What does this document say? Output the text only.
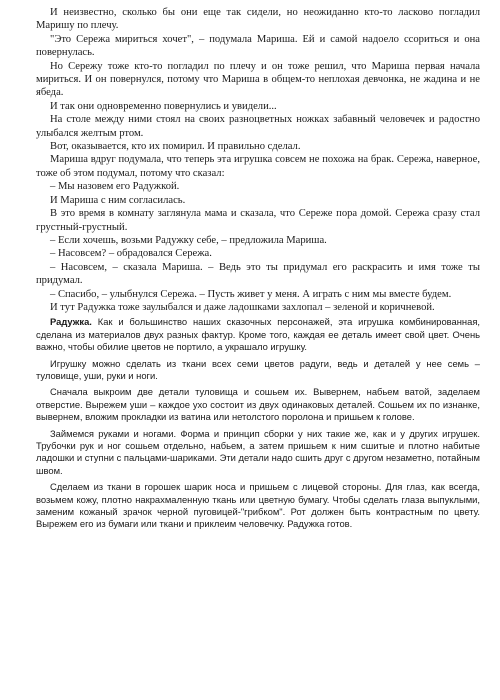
И неизвестно, сколько бы они еще так сидели, но неожиданно кто-то ласково погладил Маришу по плечу.

"Это Сережа мириться хочет", – подумала Мариша. Ей и самой надоело ссориться и она повернулась.

Но Сережу тоже кто-то погладил по плечу и он тоже решил, что Мариша первая начала мириться. И он повернулся, потому что Мариша в общем-то неплохая девчонка, не жадина и не ябеда.

И так они одновременно повернулись и увидели...

На столе между ними стоял на своих разноцветных ножках забавный человечек и радостно улыбался желтым ртом.

Вот, оказывается, кто их помирил. И правильно сделал.

Мариша вдруг подумала, что теперь эта игрушка совсем не похожа на брак. Сережа, наверное, тоже об этом подумал, потому что сказал:

– Мы назовем его Радужкой.

И Мариша с ним согласилась.

В это время в комнату заглянула мама и сказала, что Сереже пора домой. Сережа сразу стал грустный-грустный.

– Если хочешь, возьми Радужку себе, – предложила Мариша.

– Насовсем? – обрадовался Сережа.

– Насовсем, – сказала Мариша. – Ведь это ты придумал его раскрасить и имя тоже ты придумал.

– Спасибо, – улыбнулся Сережа. – Пусть живет у меня. А играть с ним мы вместе будем.

И тут Радужка тоже заулыбался и даже ладошками захлопал – зеленой и коричневой.

Радужка. Как и большинство наших сказочных персонажей, эта игрушка комбинированная, сделана из материалов двух разных фактур. Кроме того, каждая ее деталь имеет свой цвет. Очень важно, чтобы обилие цветов не портило, а украшало игрушку.

Игрушку можно сделать из ткани всех семи цветов радуги, ведь и деталей у нее семь – туловище, уши, руки и ноги.

Сначала выкроим две детали туловища и сошьем их. Вывернем, набьем ватой, заделаем отверстие. Вырежем уши – каждое ухо состоит из двух одинаковых деталей. Сошьем их по изнанке, вывернем, вложим прокладки из ватина или нетолстого поролона и пришьем к голове.

Займемся руками и ногами. Форма и принцип сборки у них такие же, как и у других игрушек. Трубочки рук и ног сошьем отдельно, набьем, а затем пришьем к ним сшитые и плотно набитые ладошки и ступни с пальцами-шариками. Эти детали надо сшить друг с другом незаметно, потайным швом.

Сделаем из ткани в горошек шарик носа и пришьем с лицевой стороны. Для глаз, как всегда, возьмем кожу, плотно накрахмаленную ткань или цветную бумагу. Чтобы сделать глаза выпуклыми, заменим кожаный зрачок черной пуговицей-"грибком". Рот должен быть контрастным по цвету. Вырежем его из бумаги или ткани и приклеим человечку. Радужка готов.
